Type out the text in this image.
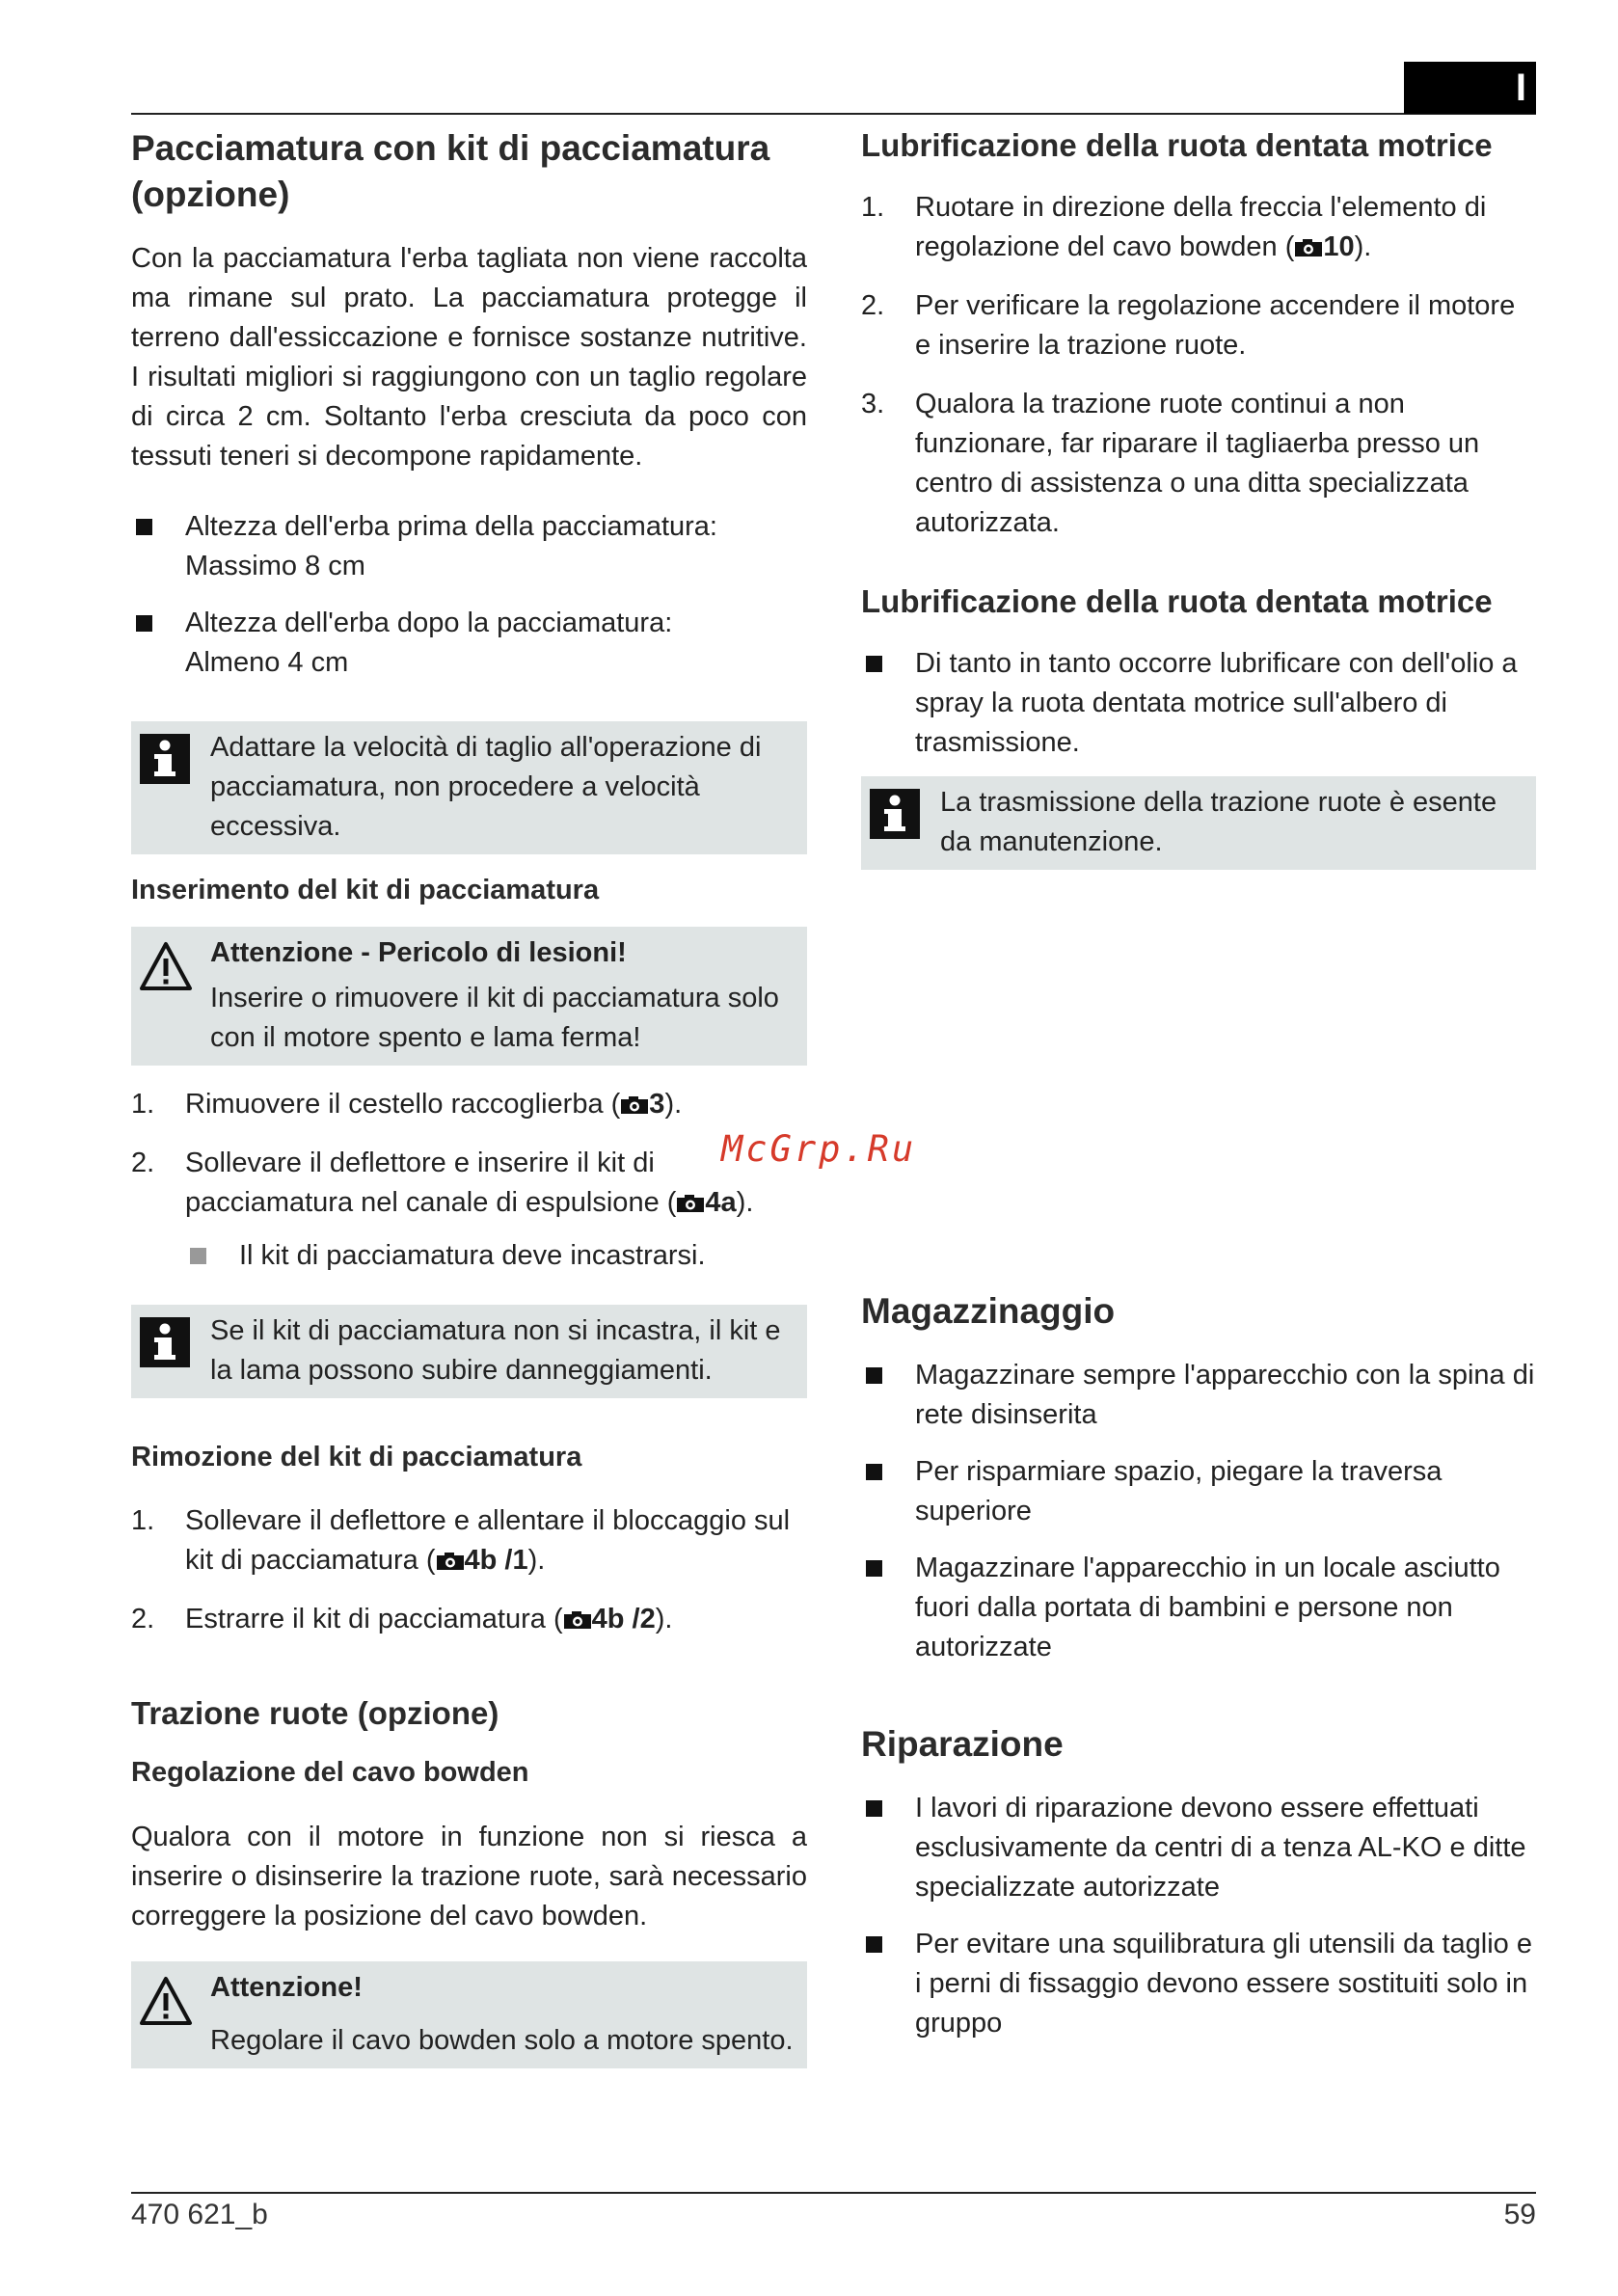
I
Pacciamatura con kit di pacciamatura (opzione)

Con la pacciamatura l'erba tagliata non viene raccolta ma rimane sul prato. La pacciamatura protegge il terreno dall'essiccazione e fornisce sostanze nutritive. I risultati migliori si raggiungono con un taglio regolare di circa 2 cm. Soltanto l'erba cresciuta da poco con tessuti teneri si decompone rapidamente.

Altezza dell'erba prima della pacciamatura:
Massimo 8 cm
Altezza dell'erba dopo la pacciamatura:
Almeno 4 cm
Adattare la velocità di taglio all'operazione di pacciamatura, non procedere a velocità eccessiva.
Inserimento del kit di pacciamatura
Attenzione - Pericolo di lesioni!
Inserire o rimuovere il kit di pacciamatura solo con il motore spento e lama ferma!
1. Rimuovere il cestello raccoglierba ( 3).
2. Sollevare il deflettore e inserire il kit di pacciamatura nel canale di espulsione ( 4a).
Il kit di pacciamatura deve incastrarsi.
Se il kit di pacciamatura non si incastra, il kit e la lama possono subire danneggiamenti.
Rimozione del kit di pacciamatura
1. Sollevare il deflettore e allentare il bloccaggio sul kit di pacciamatura ( 4b /1).
2. Estrarre il kit di pacciamatura ( 4b /2).
Trazione ruote (opzione)
Regolazione del cavo bowden

Qualora con il motore in funzione non si riesca a inserire o disinserire la trazione ruote, sarà necessario correggere la posizione del cavo bowden.

Attenzione!
Regolare il cavo bowden solo a motore spento.
Lubrificazione della ruota dentata motrice
1. Ruotare in direzione della freccia l'elemento di regolazione del cavo bowden ( 10).
2. Per verificare la regolazione accendere il motore e inserire la trazione ruote.
3. Qualora la trazione ruote continui a non funzionare, far riparare il tagliaerba presso un centro di assistenza o una ditta specializzata autorizzata.
Lubrificazione della ruota dentata motrice
Di tanto in tanto occorre lubrificare con dell'olio a spray la ruota dentata motrice sull'albero di trasmissione.
La trasmissione della trazione ruote è esente da manutenzione.
Magazzinaggio
Magazzinare sempre l'apparecchio con la spina di rete disinserita
Per risparmiare spazio, piegare la traversa superiore
Magazzinare l'apparecchio in un locale asciutto fuori dalla portata di bambini e persone non autorizzate
Riparazione
I lavori di riparazione devono essere effettuati esclusivamente da centri di a tenza AL-KO e ditte specializzate autorizzate
Per evitare una squilibratura gli utensili da taglio e i perni di fissaggio devono essere sostituiti solo in gruppo
McGrp.Ru
470 621_b	59
